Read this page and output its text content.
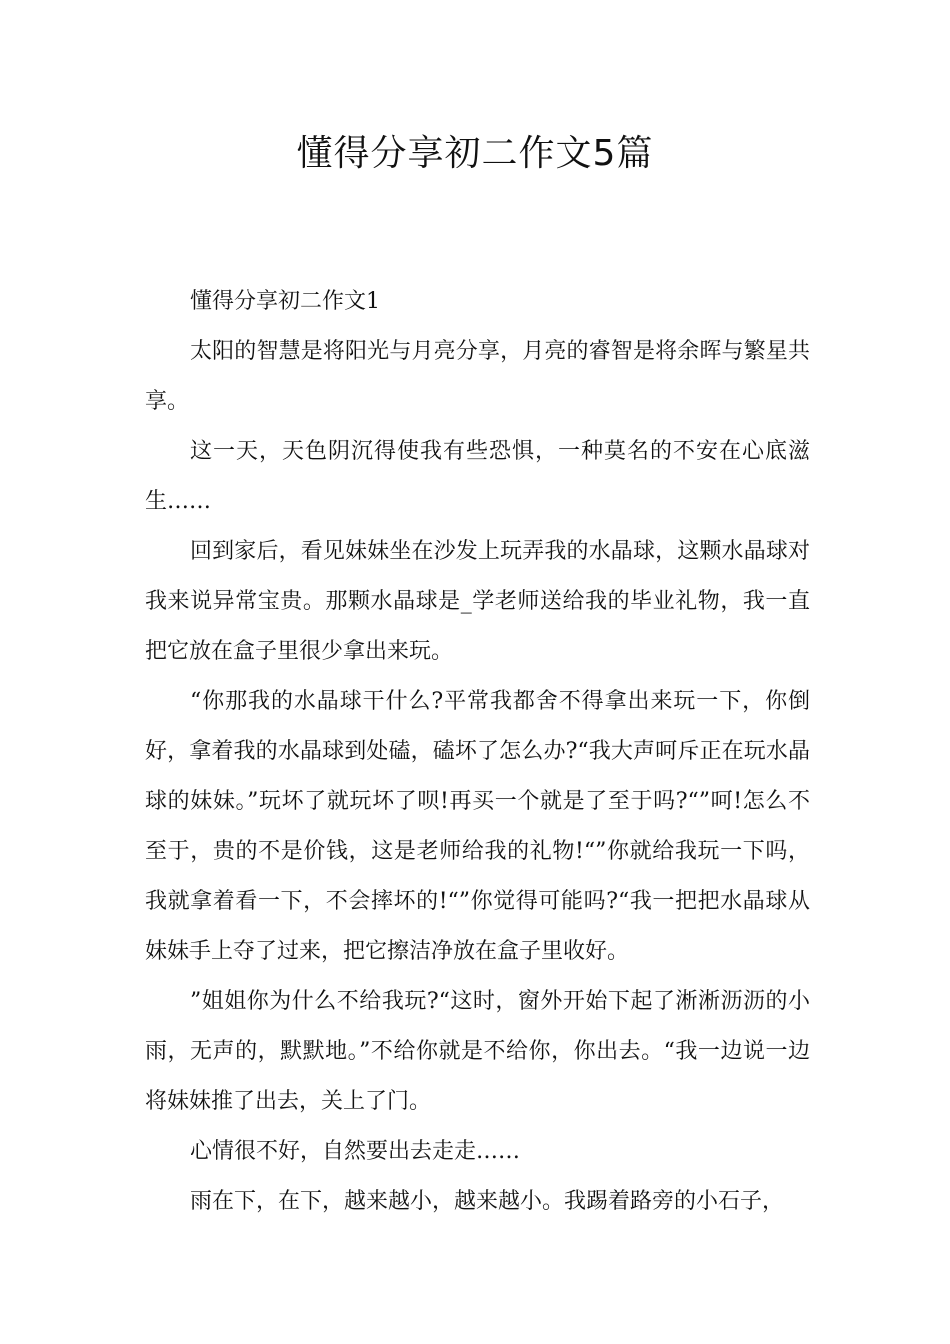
懂得分享初二作文5篇

懂得分享初二作文1

太阳的智慧是将阳光与月亮分享，月亮的睿智是将余晖与繁星共享。

这一天，天色阴沉得使我有些恐惧，一种莫名的不安在心底滋生……

回到家后，看见妹妹坐在沙发上玩弄我的水晶球，这颗水晶球对我来说异常宝贵。那颗水晶球是_学老师送给我的毕业礼物，我一直把它放在盒子里很少拿出来玩。

“你那我的水晶球干什么?平常我都舍不得拿出来玩一下，你倒好，拿着我的水晶球到处磕，磕坏了怎么办?“我大声呵斥正在玩水晶球的妹妹。”玩坏了就玩坏了呗!再买一个就是了至于吗?“”呵!怎么不至于，贵的不是价钱，这是老师给我的礼物!“”你就给我玩一下吗，我就拿着看一下，不会摔坏的!“”你觉得可能吗?“我一把把水晶球从妹妹手上夺了过来，把它擦洁净放在盒子里收好。

”姐姐你为什么不给我玩?“这时，窗外开始下起了淅淅沥沥的小雨，无声的，默默地。”不给你就是不给你，你出去。“我一边说一边将妹妹推了出去，关上了门。

心情很不好，自然要出去走走……

雨在下，在下，越来越小，越来越小。我踢着路旁的小石子，
